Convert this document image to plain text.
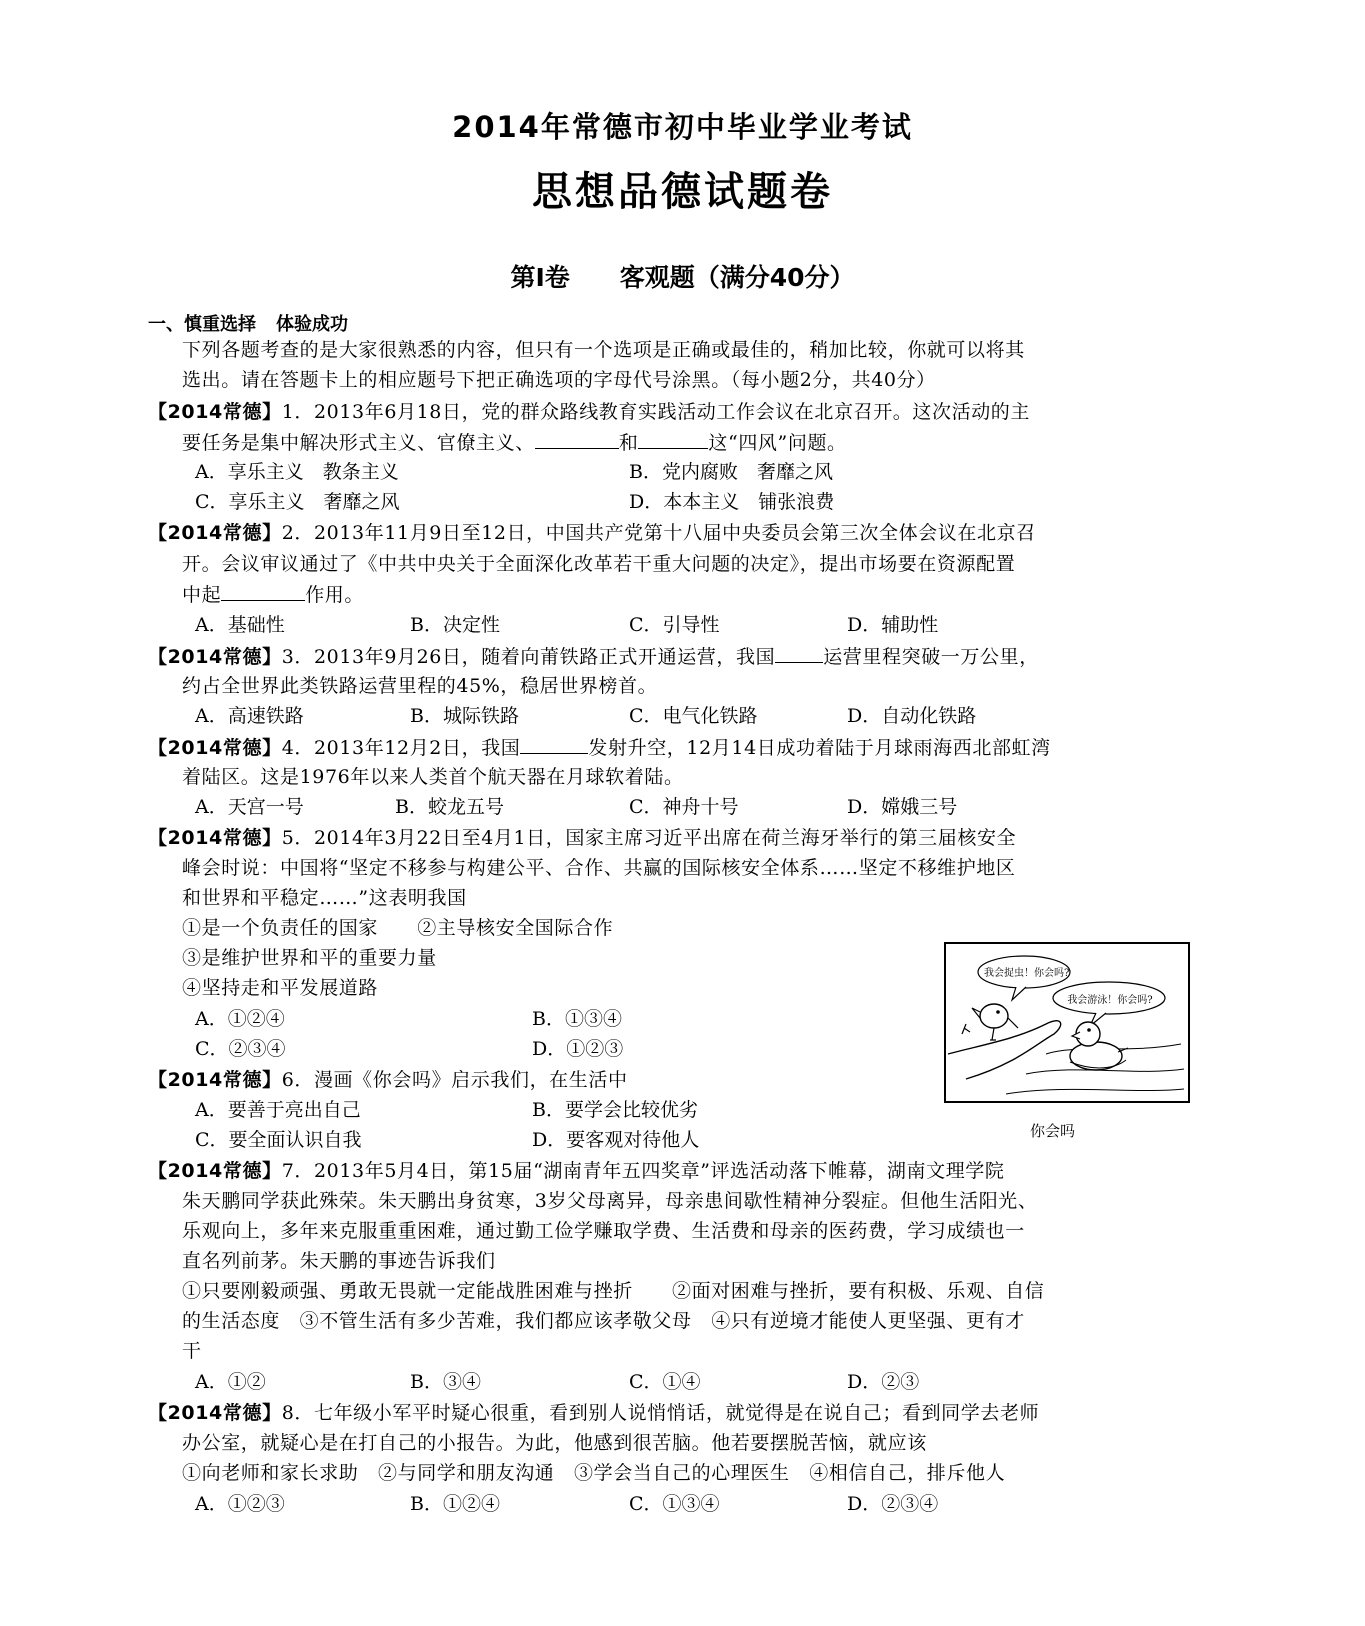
2014年常德市初中毕业学业考试
思想品德试题卷
第Ⅰ卷 客观题（满分40分）
一、慎重选择 体验成功
下列各题考查的是大家很熟悉的内容，但只有一个选项是正确或最佳的，稍加比较，你就可以将其
选出。请在答题卡上的相应题号下把正确选项的字母代号涂黑。（每小题2分，共40分）
【2014常德】1．2013年6月18日，党的群众路线教育实践活动工作会议在北京召开。这次活动的主
要任务是集中解决形式主义、官僚主义、	和	这“四风”问题。
A．享乐主义　教条主义	B．党内腐败　奢靡之风
C．享乐主义　奢靡之风	D．本本主义　铺张浪费
【2014常德】2．2013年11月9日至12日，中国共产党第十八届中央委员会第三次全体会议在北京召
开。会议审议通过了《中共中央关于全面深化改革若干重大问题的决定》，提出市场要在资源配置
中起	作用。
A．基础性	B．决定性	C．引导性	D．辅助性
【2014常德】3．2013年9月26日，随着向莆铁路正式开通运营，我国	运营里程突破一万公里，
约占全世界此类铁路运营里程的45%，稳居世界榜首。
A．高速铁路	B．城际铁路	C．电气化铁路	D．自动化铁路
【2014常德】4．2013年12月2日，我国	发射升空，12月14日成功着陆于月球雨海西北部虹湾
着陆区。这是1976年以来人类首个航天器在月球软着陆。
A．天宫一号	B．蛟龙五号	C．神舟十号	D．嫦娥三号
【2014常德】5．2014年3月22日至4月1日，国家主席习近平出席在荷兰海牙举行的第三届核安全
峰会时说：中国将“坚定不移参与构建公平、合作、共赢的国际核安全体系……坚定不移维护地区
和世界和平稳定……”这表明我国
①是一个负责任的国家　　②主导核安全国际合作
③是维护世界和平的重要力量
④坚持走和平发展道路
A．①②④	B．①③④
C．②③④	D．①②③
【2014常德】6．漫画《你会吗》启示我们，在生活中
A．要善于亮出自己	B．要学会比较优劣
C．要全面认识自我	D．要客观对待他人
我会捉虫！你会吗?
我会游泳！你会吗?
你会吗
【2014常德】7．2013年5月4日，第15届“湖南青年五四奖章”评选活动落下帷幕，湖南文理学院
朱天鹏同学获此殊荣。朱天鹏出身贫寒，3岁父母离异，母亲患间歇性精神分裂症。但他生活阳光、
乐观向上，多年来克服重重困难，通过勤工俭学赚取学费、生活费和母亲的医药费，学习成绩也一
直名列前茅。朱天鹏的事迹告诉我们
①只要刚毅顽强、勇敢无畏就一定能战胜困难与挫折　　②面对困难与挫折，要有积极、乐观、自信
的生活态度　③不管生活有多少苦难，我们都应该孝敬父母　④只有逆境才能使人更坚强、更有才
干
A．①②	B．③④	C．①④	D．②③
【2014常德】8．七年级小军平时疑心很重，看到别人说悄悄话，就觉得是在说自己；看到同学去老师
办公室，就疑心是在打自己的小报告。为此，他感到很苦脑。他若要摆脱苦恼，就应该
①向老师和家长求助　②与同学和朋友沟通　③学会当自己的心理医生　④相信自己，排斥他人
A．①②③	B．①②④	C．①③④	D．②③④
